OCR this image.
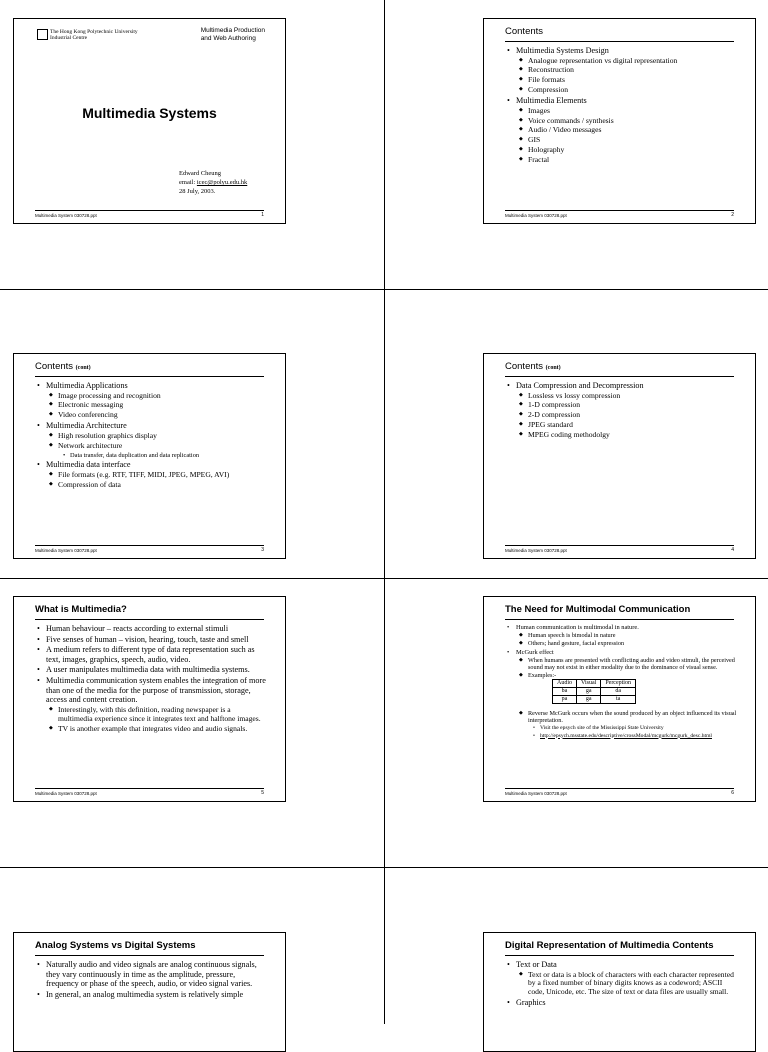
The Hong Kong Polytechnic University
Industrial Centre
Multimedia Production
and Web Authoring
Multimedia Systems
Edward Cheung
email: icec@polyu.edu.hk
28 July, 2003.
Multimedia System 030728.ppt	1
Contents
• Multimedia Systems Design
◆ Analogue representation vs digital representation
◆ Reconstruction
◆ File formats
◆ Compression
• Multimedia Elements
◆ Images
◆ Voice commands / synthesis
◆ Audio / Video messages
◆ GIS
◆ Holography
◆ Fractal
Multimedia System 030728.ppt	2
Contents (cont)
• Multimedia Applications
◆ Image processing and recognition
◆ Electronic messaging
◆ Video conferencing
• Multimedia Architecture
◆ High resolution graphics display
◆ Network architecture
• Data transfer, data duplication and data replication
• Multimedia data interface
◆ File formats (e.g. RTF, TIFF, MIDI, JPEG, MPEG, AVI)
◆ Compression of data
Multimedia System 030728.ppt	3
Contents (cont)
• Data Compression and Decompression
◆ Lossless vs lossy compression
◆ 1-D compression
◆ 2-D compression
◆ JPEG standard
◆ MPEG coding methodolgy
Multimedia System 030728.ppt	4
What is Multimedia?
• Human behaviour – reacts according to external stimuli
• Five senses of human – vision, hearing, touch, taste and smell
• A medium refers to different type of data representation such as text, images, graphics, speech, audio, video.
• A user manipulates multimedia data with multimedia systems.
• Multimedia communication system enables the integration of more than one of the media for the purpose of transmission, storage, access and content creation.
◆ Interestingly, with this definition, reading newspaper is a multimedia experience since it integrates text and halftone images.
◆ TV is another example that integrates video and audio signals.
Multimedia System 030728.ppt	5
The Need for Multimodal Communication
• Human communication is multimodal in nature.
◆ Human speech is bimodal in nature
◆ Others; hand gesture, facial expression
• McGurk effect
◆ When humans are presented with conflicting audio and video stimuli, the perceived sound may not exist in either modality due to the dominance of visual sense.
◆ Examples:-
Audio	Visual	Perception
ba	ga	da
pa	ga	ta
◆ Reverse McGurk occurs when the sound produced by an object influenced its visual interpretation.
• Visit the epsych site of the Mississippi State University
• http://epsych.msstate.edu/descriptive/crossModal/mcgurk/mcgurk_desc.html
Multimedia System 030728.ppt	6
Analog Systems vs Digital Systems
• Naturally audio and video signals are analog continuous signals, they vary continuously in time as the amplitude, pressure, frequency or phase of the speech, audio, or video signal varies.
• In general, an analog multimedia system is relatively simple
Digital Representation of Multimedia Contents
• Text or Data
◆ Text or data is a block of characters with each character represented by a fixed number of binary digits knows as a codeword; ASCII code, Unicode, etc. The size of text or data files are usually small.
• Graphics
